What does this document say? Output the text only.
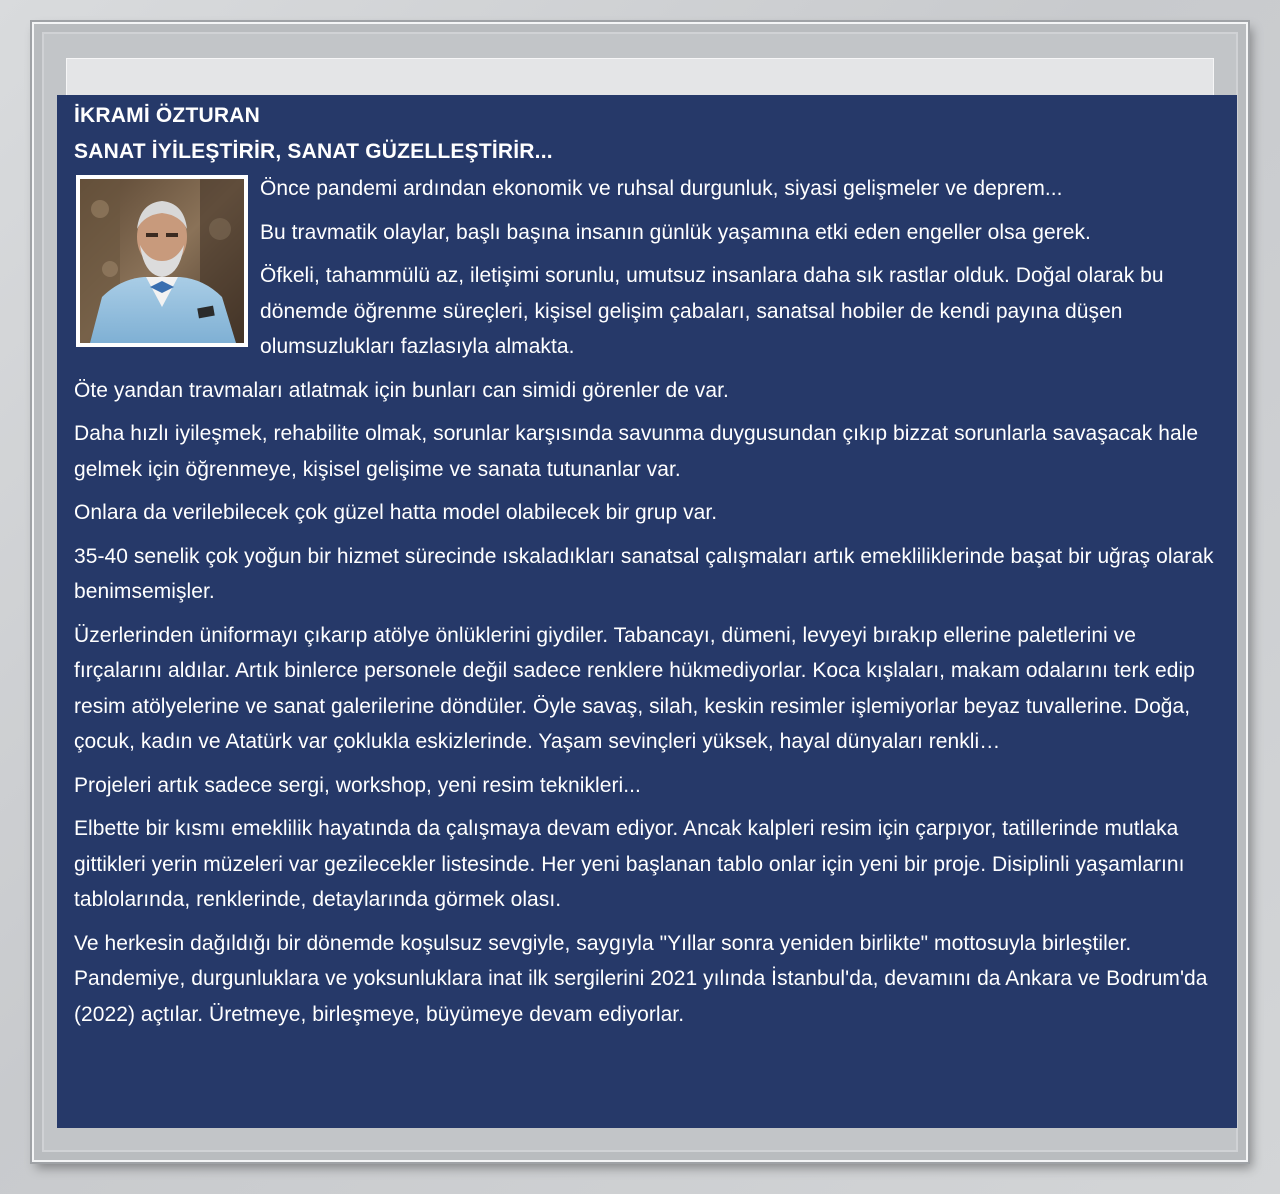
İKRAMİ ÖZTURAN

SANAT İYİLEŞTİRİR, SANAT GÜZELLEŞTİRİR...

Önce pandemi ardından ekonomik ve ruhsal durgunluk, siyasi gelişmeler ve deprem...

Bu travmatik olaylar, başlı başına insanın günlük yaşamına etki eden engeller olsa gerek.

Öfkeli, tahammülü az, iletişimi sorunlu, umutsuz insanlara daha sık rastlar olduk. Doğal olarak bu dönemde öğrenme süreçleri, kişisel gelişim çabaları, sanatsal hobiler de kendi payına düşen olumsuzlukları fazlasıyla almakta.

Öte yandan travmaları atlatmak için bunları can simidi görenler de var.

Daha hızlı iyileşmek, rehabilite olmak, sorunlar karşısında savunma duygusundan çıkıp bizzat sorunlarla savaşacak hale gelmek için öğrenmeye, kişisel gelişime ve sanata tutunanlar var.

Onlara da verilebilecek çok güzel hatta model olabilecek bir grup var.

35-40 senelik çok yoğun bir hizmet sürecinde ıskaladıkları sanatsal çalışmaları artık emekliliklerinde başat bir uğraş olarak benimsemişler.

Üzerlerinden üniformayı çıkarıp atölye önlüklerini giydiler. Tabancayı, dümeni, levyeyi bırakıp ellerine paletlerini ve fırçalarını aldılar. Artık binlerce personele değil sadece renklere hükmediyorlar. Koca kışlaları, makam odalarını terk edip resim atölyelerine ve sanat galerilerine döndüler. Öyle savaş, silah, keskin resimler işlemiyorlar beyaz tuvallerine. Doğa, çocuk, kadın ve Atatürk var çoklukla eskizlerinde. Yaşam sevinçleri yüksek, hayal dünyaları renkli…

Projeleri artık sadece sergi, workshop, yeni resim teknikleri...

Elbette bir kısmı emeklilik hayatında da çalışmaya devam ediyor. Ancak kalpleri resim için çarpıyor, tatillerinde mutlaka gittikleri yerin müzeleri var gezilecekler listesinde. Her yeni başlanan tablo onlar için yeni bir proje. Disiplinli yaşamlarını tablolarında, renklerinde, detaylarında görmek olası.

Ve herkesin dağıldığı bir dönemde koşulsuz sevgiyle, saygıyla "Yıllar sonra yeniden birlikte" mottosuyla birleştiler. Pandemiye, durgunluklara ve yoksunluklara inat ilk sergilerini 2021 yılında İstanbul'da, devamını da Ankara ve Bodrum'da (2022) açtılar. Üretmeye, birleşmeye, büyümeye devam ediyorlar.
